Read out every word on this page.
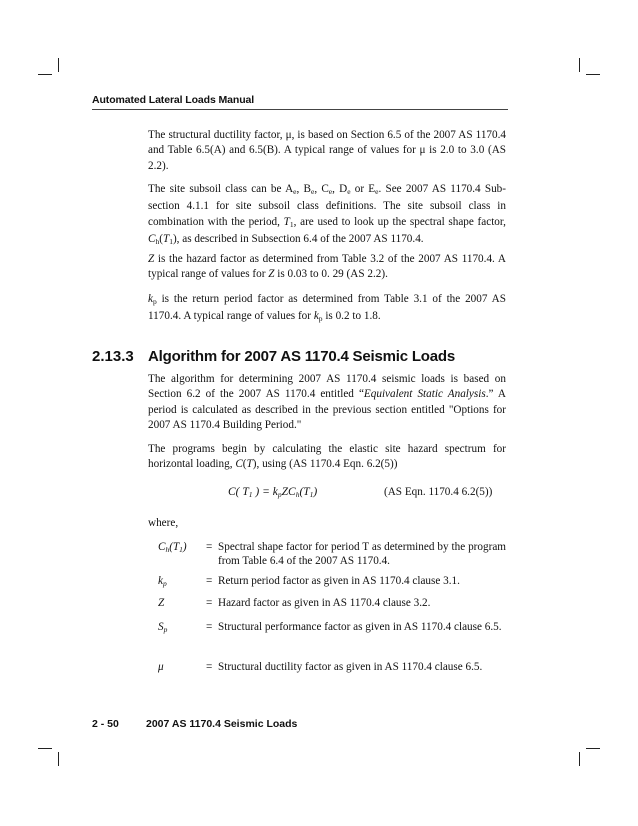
Automated Lateral Loads Manual

The structural ductility factor, μ, is based on Section 6.5 of the 2007 AS 1170.4 and Table 6.5(A) and 6.5(B). A typical range of values for μ is 2.0 to 3.0 (AS 2.2).

The site subsoil class can be $A_e$, $B_e$, $C_e$, $D_e$ or $E_e$. See 2007 AS 1170.4 Sub-section 4.1.1 for site subsoil class definitions. The site subsoil class in combination with the period, $T_1$, are used to look up the spectral shape factor, $C_h(T_1)$, as described in Subsection 6.4 of the 2007 AS 1170.4.

Z is the hazard factor as determined from Table 3.2 of the 2007 AS 1170.4. A typical range of values for Z is 0.03 to 0. 29 (AS 2.2).

$k_p$ is the return period factor as determined from Table 3.1 of the 2007 AS 1170.4. A typical range of values for $k_p$ is 0.2 to 1.8.

2.13.3 Algorithm for 2007 AS 1170.4 Seismic Loads

The algorithm for determining 2007 AS 1170.4 seismic loads is based on Section 6.2 of the 2007 AS 1170.4 entitled “Equivalent Static Analysis.” A period is calculated as described in the previous section entitled "Options for 2007 AS 1170.4 Building Period."

The programs begin by calculating the elastic site hazard spectrum for horizontal loading, C(T), using (AS 1170.4 Eqn. 6.2(5))

C( $T_1$ ) = $k_pZC_h(T_1)$	(AS Eqn. 1170.4 6.2(5))

where,

$C_h(T_1)$ = Spectral shape factor for period T as determined by the program from Table 6.4 of the 2007 AS 1170.4.
$k_p$	= Return period factor as given in AS 1170.4 clause 3.1.
Z	= Hazard factor as given in AS 1170.4 clause 3.2.
$S_p$	= Structural performance factor as given in AS 1170.4 clause 6.5.
μ	= Structural ductility factor as given in AS 1170.4 clause 6.5.
2 - 50	2007 AS 1170.4 Seismic Loads
